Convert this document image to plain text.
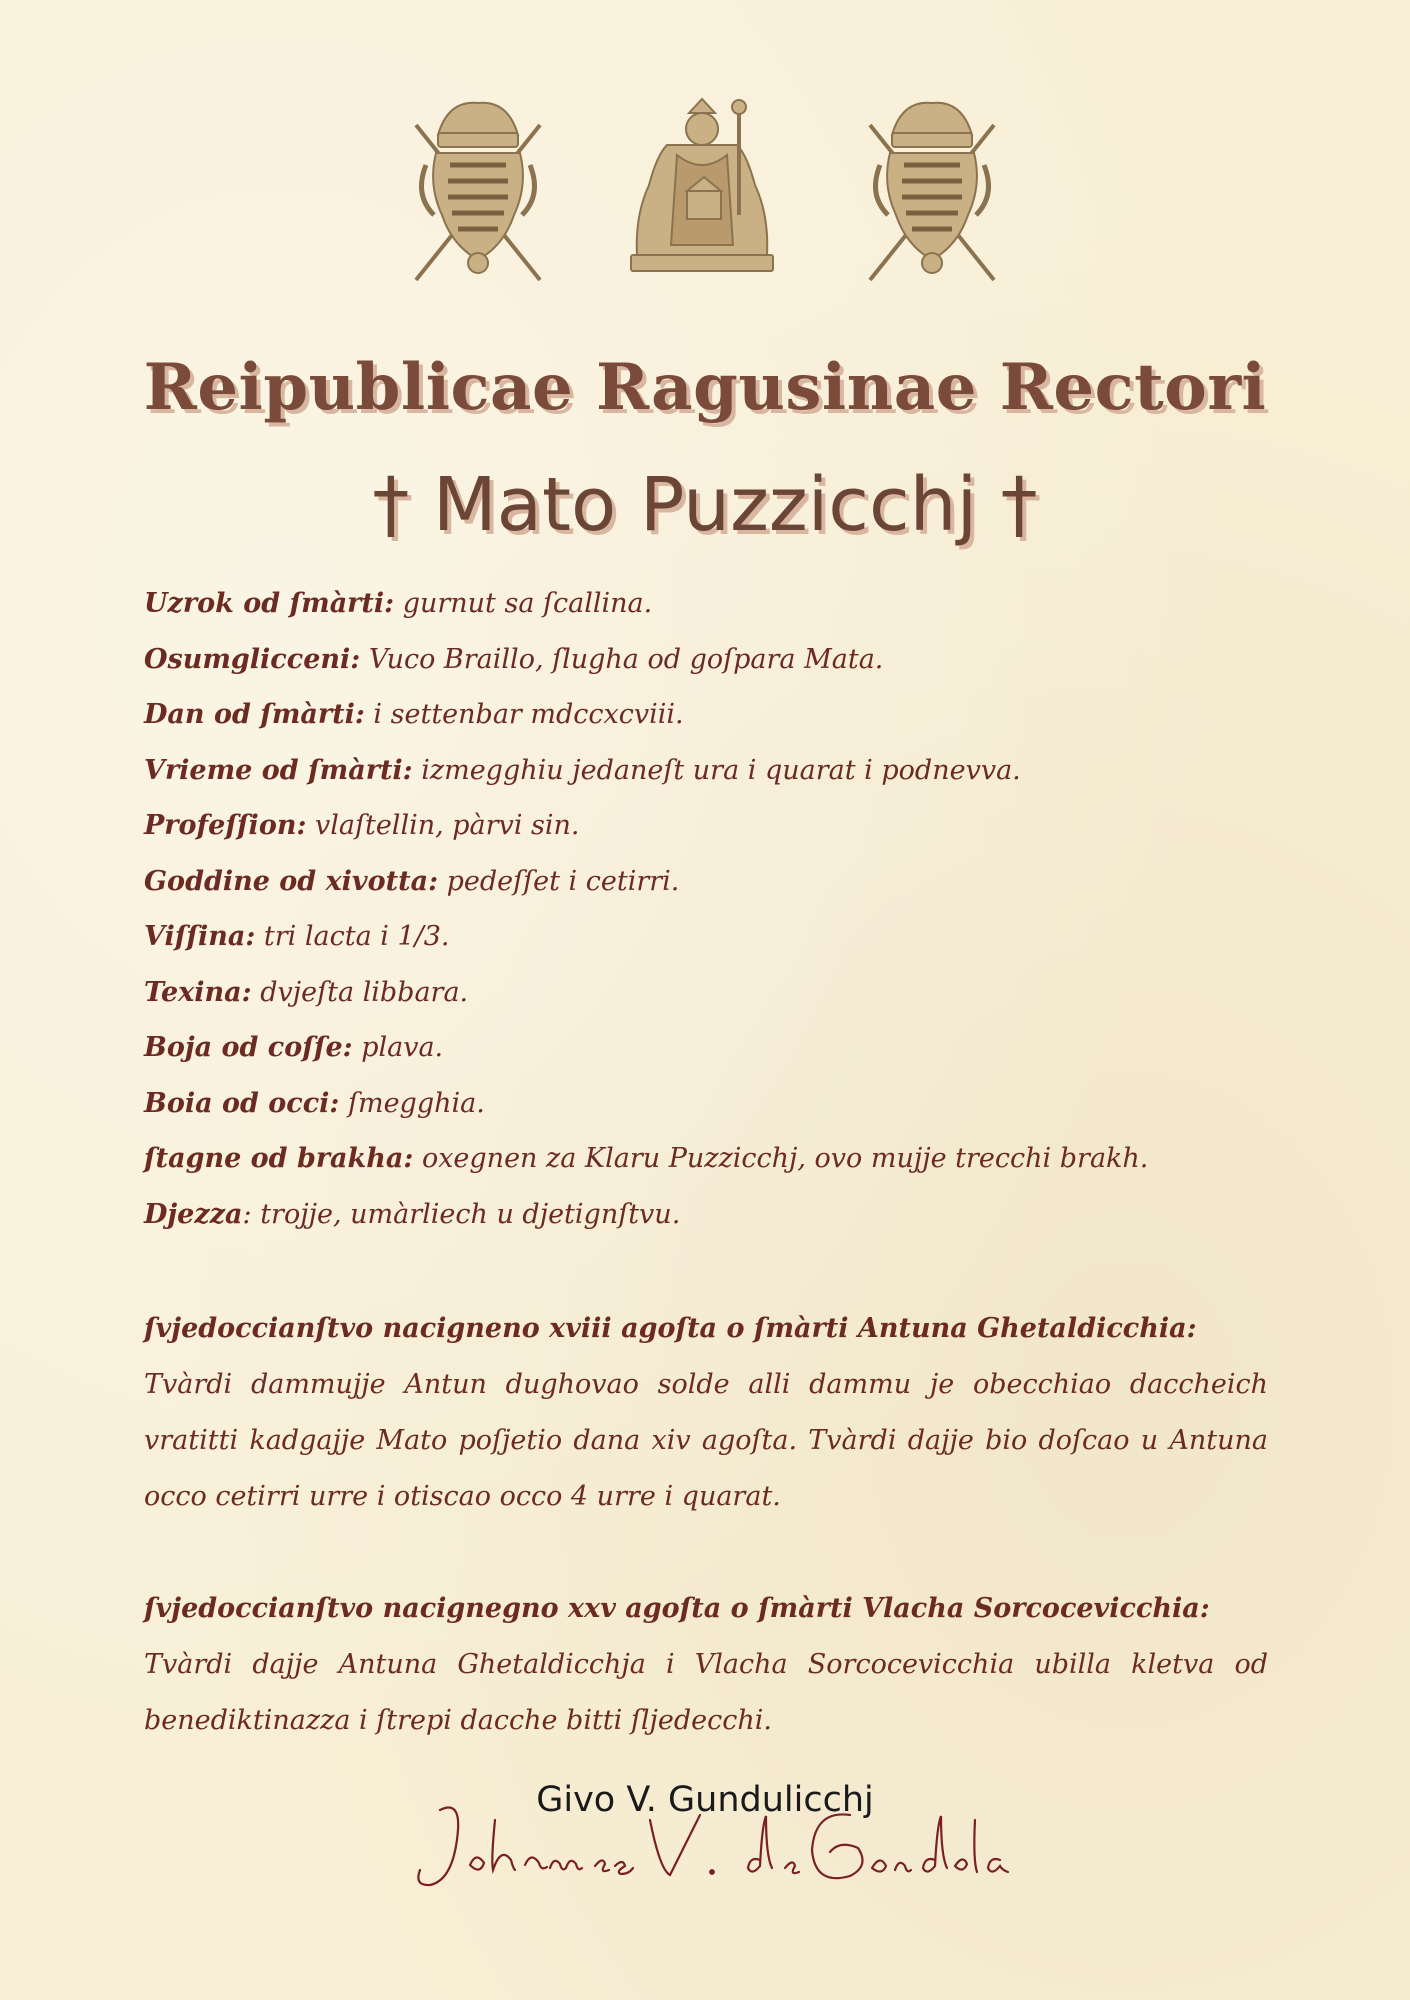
Reipublicae Ragusinae Rectori
† Mato Puzzicchj †
Uzrok od ſmàrti: gurnut sa ſcallina.
Osumglicceni: Vuco Braillo, ſlugha od goſpara Mata.
Dan od ſmàrti: i settenbar mdccxcviii.
Vrieme od ſmàrti: izmegghiu jedaneſt ura i quarat i podnevva.
Profeſſion: vlaſtellin, pàrvi sin.
Goddine od xivotta: pedeſſet i cetirri.
Viſſina: tri lacta i 1/3.
Texina: dvjeſta libbara.
Boja od coſſe: plava.
Boia od occi: ſmegghia.
ſtagne od brakha: oxegnen za Klaru Puzzicchj, ovo mujje trecchi brakh.
Djezza: trojje, umàrliech u djetignſtvu.
ſvjedoccianſtvo nacigneno xviii agoſta o ſmàrti Antuna Ghetaldicchia:
Tvàrdi dammujje Antun dughovao solde alli dammu je obecchiao daccheich vratitti kadgajje Mato poſjetio dana xiv agoſta. Tvàrdi dajje bio doſcao u Antuna occo cetirri urre i otiscao occo 4 urre i quarat.
ſvjedoccianſtvo nacignegno xxv agoſta o ſmàrti Vlacha Sorcocevicchia:
Tvàrdi dajje Antuna Ghetaldicchja i Vlacha Sorcocevicchia ubilla kletva od benediktinazza i ſtrepi dacche bitti ſljedecchi.
Givo V. Gundulicchj
